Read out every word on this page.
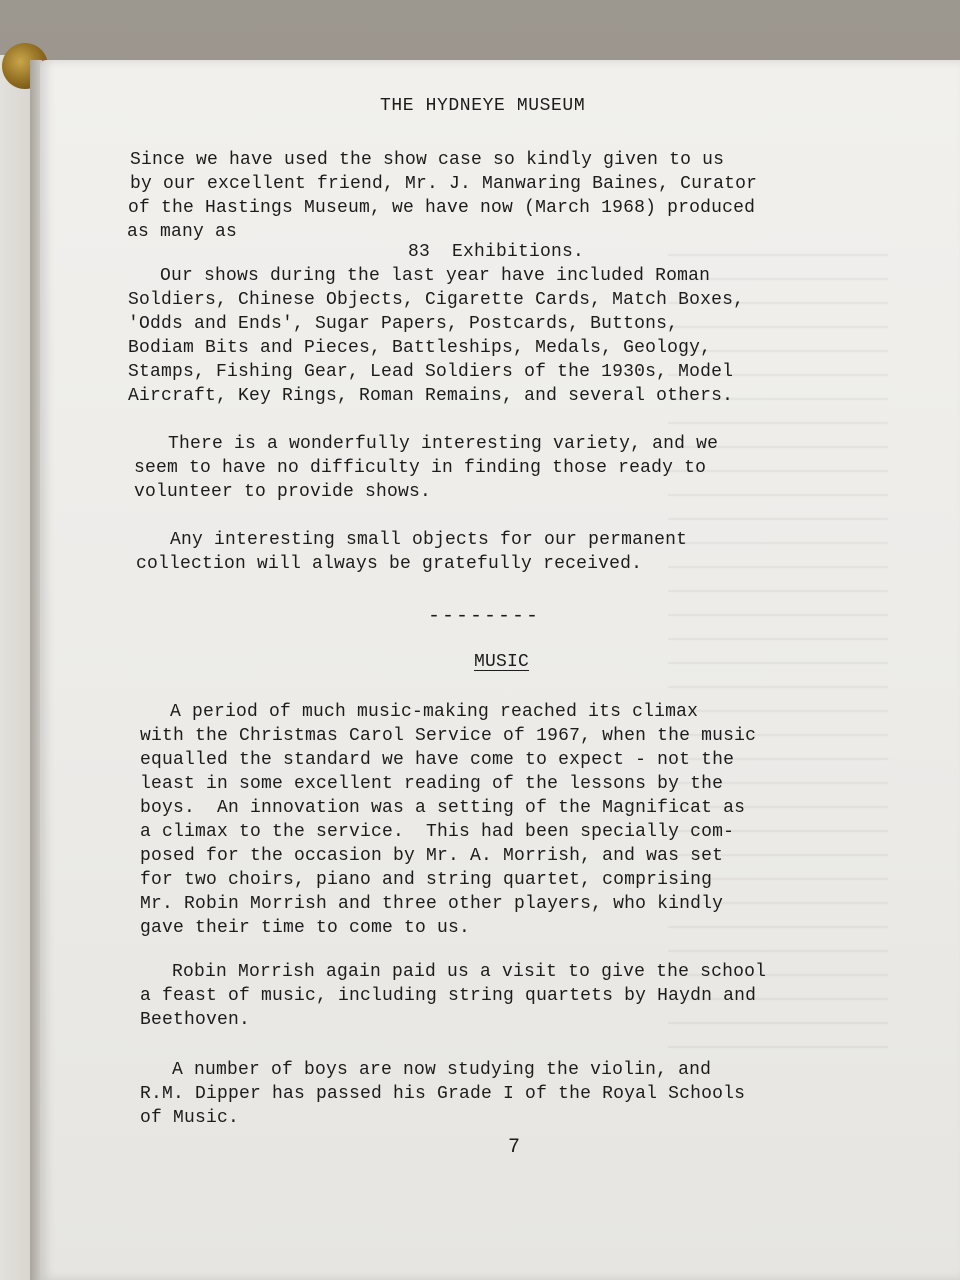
THE HYDNEYE MUSEUM
Since we have used the show case so kindly given to us
by our excellent friend, Mr. J. Manwaring Baines, Curator
of the Hastings Museum, we have now (March 1968) produced
as many as
83  Exhibitions.
Our shows during the last year have included Roman
Soldiers, Chinese Objects, Cigarette Cards, Match Boxes,
'Odds and Ends', Sugar Papers, Postcards, Buttons,
Bodiam Bits and Pieces, Battleships, Medals, Geology,
Stamps, Fishing Gear, Lead Soldiers of the 1930s, Model
Aircraft, Key Rings, Roman Remains, and several others.
There is a wonderfully interesting variety, and we
seem to have no difficulty in finding those ready to
volunteer to provide shows.
Any interesting small objects for our permanent
collection will always be gratefully received.
--------
MUSIC
A period of much music-making reached its climax
with the Christmas Carol Service of 1967, when the music
equalled the standard we have come to expect - not the
least in some excellent reading of the lessons by the
boys.  An innovation was a setting of the Magnificat as
a climax to the service.  This had been specially com-
posed for the occasion by Mr. A. Morrish, and was set
for two choirs, piano and string quartet, comprising
Mr. Robin Morrish and three other players, who kindly
gave their time to come to us.
Robin Morrish again paid us a visit to give the school
a feast of music, including string quartets by Haydn and
Beethoven.
A number of boys are now studying the violin, and
R.M. Dipper has passed his Grade I of the Royal Schools
of Music.
7
